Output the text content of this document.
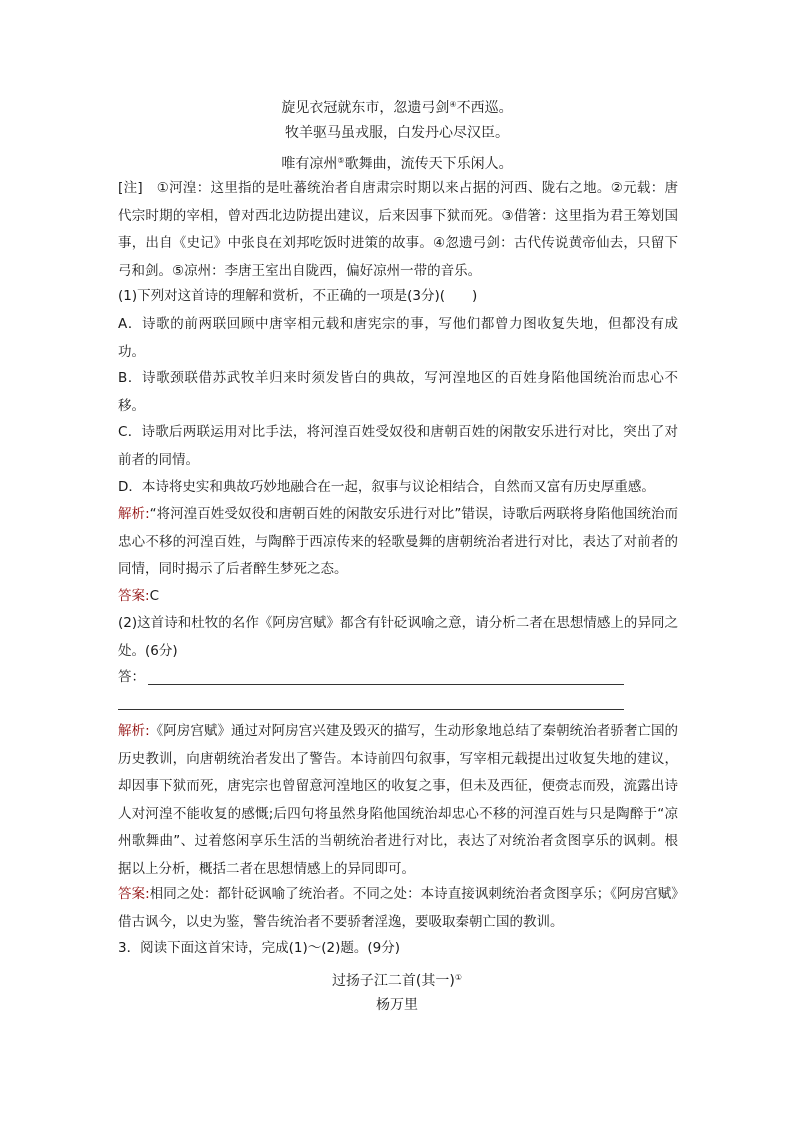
旋见衣冠就东市，忽遗弓剑④不西巡。
牧羊驱马虽戎服，白发丹心尽汉臣。
唯有凉州⑤歌舞曲，流传天下乐闲人。
[注]　①河湟：这里指的是吐蕃统治者自唐肃宗时期以来占据的河西、陇右之地。②元载：唐代宗时期的宰相，曾对西北边防提出建议，后来因事下狱而死。③借箸：这里指为君王筹划国事，出自《史记》中张良在刘邦吃饭时进策的故事。④忽遗弓剑：古代传说黄帝仙去，只留下弓和剑。⑤凉州：李唐王室出自陇西，偏好凉州一带的音乐。
(1)下列对这首诗的理解和赏析，不正确的一项是(3分)(　　)
A．诗歌的前两联回顾中唐宰相元载和唐宪宗的事，写他们都曾力图收复失地，但都没有成功。
B．诗歌颈联借苏武牧羊归来时须发皆白的典故，写河湟地区的百姓身陷他国统治而忠心不移。
C．诗歌后两联运用对比手法，将河湟百姓受奴役和唐朝百姓的闲散安乐进行对比，突出了对前者的同情。
D．本诗将史实和典故巧妙地融合在一起，叙事与议论相结合，自然而又富有历史厚重感。
解析:“将河湟百姓受奴役和唐朝百姓的闲散安乐进行对比”错误，诗歌后两联将身陷他国统治而忠心不移的河湟百姓，与陶醉于西凉传来的轻歌曼舞的唐朝统治者进行对比，表达了对前者的同情，同时揭示了后者醉生梦死之态。
答案:C
(2)这首诗和杜牧的名作《阿房宫赋》都含有针砭讽喻之意，请分析二者在思想情感上的异同之处。(6分)
答：
解析:《阿房宫赋》通过对阿房宫兴建及毁灭的描写，生动形象地总结了秦朝统治者骄奢亡国的历史教训，向唐朝统治者发出了警告。本诗前四句叙事，写宰相元载提出过收复失地的建议，却因事下狱而死，唐宪宗也曾留意河湟地区的收复之事，但未及西征，便赍志而殁，流露出诗人对河湟不能收复的感慨;后四句将虽然身陷他国统治却忠心不移的河湟百姓与只是陶醉于“凉州歌舞曲”、过着悠闲享乐生活的当朝统治者进行对比，表达了对统治者贪图享乐的讽刺。根据以上分析，概括二者在思想情感上的异同即可。
答案:相同之处：都针砭讽喻了统治者。不同之处：本诗直接讽刺统治者贪图享乐；《阿房宫赋》借古讽今，以史为鉴，警告统治者不要骄奢淫逸，要吸取秦朝亡国的教训。
3．阅读下面这首宋诗，完成(1)～(2)题。(9分)
过扬子江二首(其一)①
杨万里
